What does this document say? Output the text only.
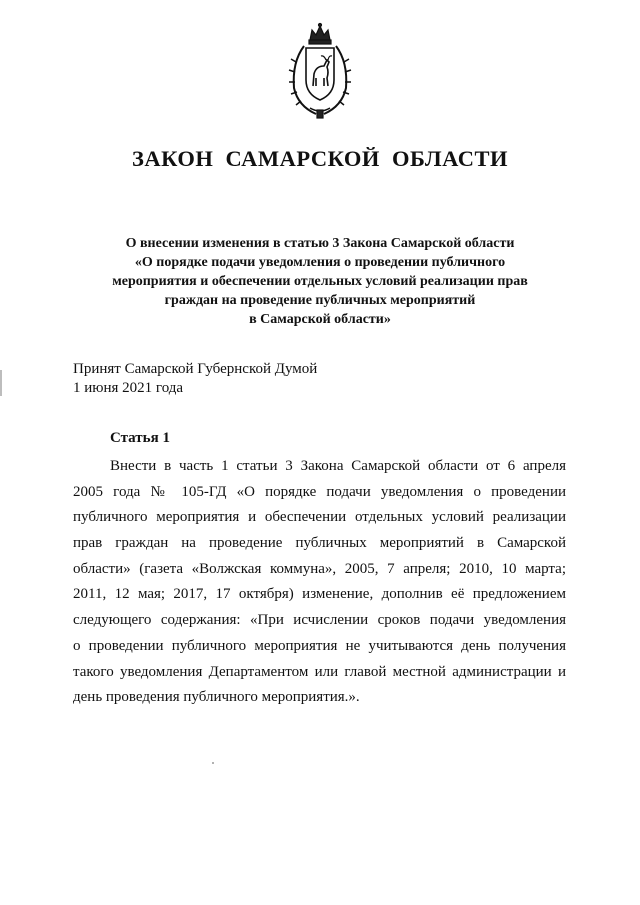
ЗАКОН САМАРСКОЙ ОБЛАСТИ
О внесении изменения в статью 3 Закона Самарской области
«О порядке подачи уведомления о проведении публичного
мероприятия и обеспечении отдельных условий реализации прав
граждан на проведение публичных мероприятий
в Самарской области»
Принят Самарской Губернской Думой
1 июня 2021 года
Статья 1
Внести в часть 1 статьи 3 Закона Самарской области от 6 апреля
2005 года № 105-ГД «О порядке подачи уведомления о проведении
публичного мероприятия и обеспечении отдельных условий реализации
прав граждан на проведение публичных мероприятий в Самарской
области» (газета «Волжская коммуна», 2005, 7 апреля; 2010, 10 марта;
2011, 12 мая; 2017, 17 октября) изменение, дополнив её предложением
следующего содержания: «При исчислении сроков подачи уведомления
о проведении публичного мероприятия не учитываются день получения
такого уведомления Департаментом или главой местной администрации и
день проведения публичного мероприятия.».
